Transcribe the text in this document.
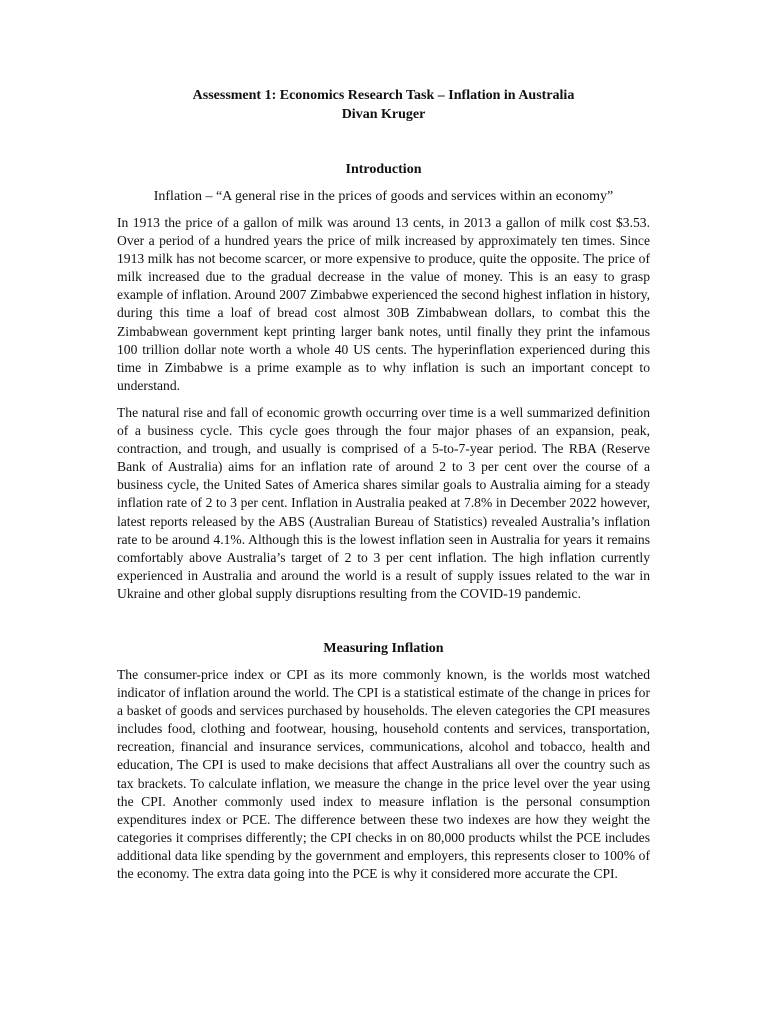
Assessment 1: Economics Research Task – Inflation in Australia

Divan Kruger

Introduction

Inflation – “A general rise in the prices of goods and services within an economy”

In 1913 the price of a gallon of milk was around 13 cents, in 2013 a gallon of milk cost $3.53. Over a period of a hundred years the price of milk increased by approximately ten times. Since 1913 milk has not become scarcer, or more expensive to produce, quite the opposite. The price of milk increased due to the gradual decrease in the value of money. This is an easy to grasp example of inflation. Around 2007 Zimbabwe experienced the second highest inflation in history, during this time a loaf of bread cost almost 30B Zimbabwean dollars, to combat this the Zimbabwean government kept printing larger bank notes, until finally they print the infamous 100 trillion dollar note worth a whole 40 US cents. The hyperinflation experienced during this time in Zimbabwe is a prime example as to why inflation is such an important concept to understand.

The natural rise and fall of economic growth occurring over time is a well summarized definition of a business cycle. This cycle goes through the four major phases of an expansion, peak, contraction, and trough, and usually is comprised of a 5-to-7-year period. The RBA (Reserve Bank of Australia) aims for an inflation rate of around 2 to 3 per cent over the course of a business cycle, the United Sates of America shares similar goals to Australia aiming for a steady inflation rate of 2 to 3 per cent. Inflation in Australia peaked at 7.8% in December 2022 however, latest reports released by the ABS (Australian Bureau of Statistics) revealed Australia’s inflation rate to be around 4.1%. Although this is the lowest inflation seen in Australia for years it remains comfortably above Australia’s target of 2 to 3 per cent inflation. The high inflation currently experienced in Australia and around the world is a result of supply issues related to the war in Ukraine and other global supply disruptions resulting from the COVID-19 pandemic.

Measuring Inflation

The consumer-price index or CPI as its more commonly known, is the worlds most watched indicator of inflation around the world. The CPI is a statistical estimate of the change in prices for a basket of goods and services purchased by households. The eleven categories the CPI measures includes food, clothing and footwear, housing, household contents and services, transportation, recreation, financial and insurance services, communications, alcohol and tobacco, health and education, The CPI is used to make decisions that affect Australians all over the country such as tax brackets. To calculate inflation, we measure the change in the price level over the year using the CPI. Another commonly used index to measure inflation is the personal consumption expenditures index or PCE. The difference between these two indexes are how they weight the categories it comprises differently; the CPI checks in on 80,000 products whilst the PCE includes additional data like spending by the government and employers, this represents closer to 100% of the economy. The extra data going into the PCE is why it considered more accurate the CPI.
